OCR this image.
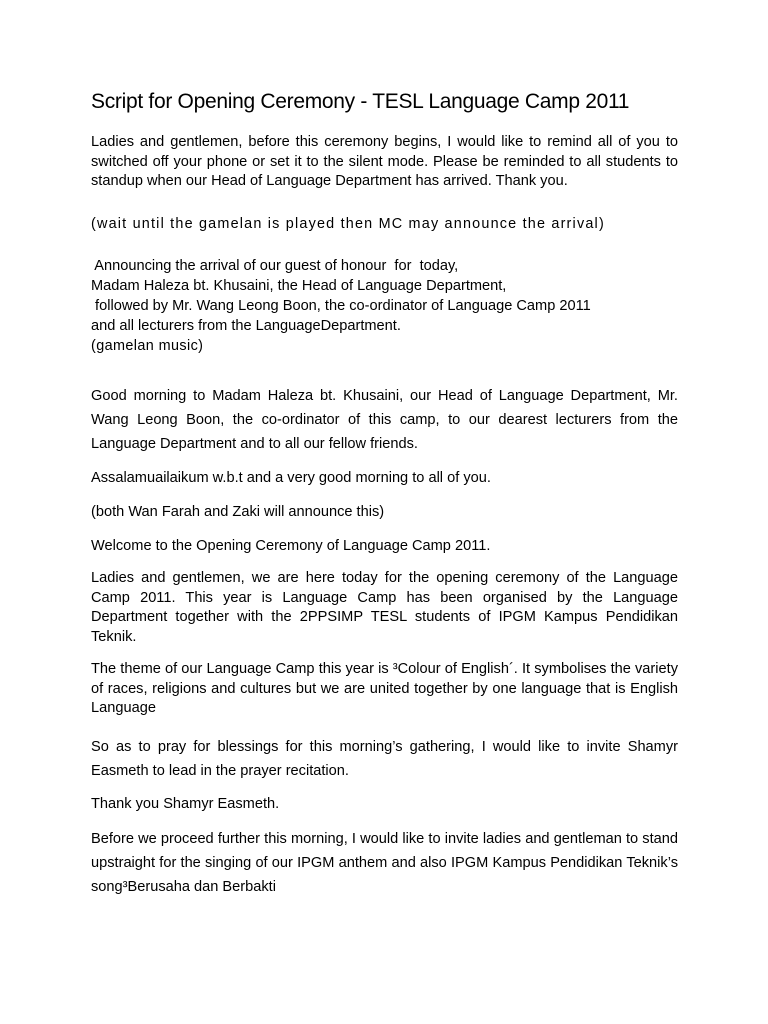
Script for Opening Ceremony - TESL Language Camp 2011

Ladies and gentlemen, before this ceremony begins, I would like to remind all of you to switched off your phone or set it to the silent mode. Please be reminded to all students to standup when our Head of Language Department has arrived. Thank you.

(wait until the gamelan is played then MC may announce the arrival)

Announcing the arrival of our guest of honour  for  today,
Madam Haleza bt. Khusaini, the Head of Language Department,
followed by Mr. Wang Leong Boon, the co-ordinator of Language Camp 2011
and all lecturers from the LanguageDepartment.
(gamelan music)

Good morning to Madam Haleza bt. Khusaini, our Head of Language Department, Mr. Wang Leong Boon, the co-ordinator of this camp, to our dearest lecturers from the Language Department and to all our fellow friends.

Assalamuailaikum w.b.t and a very good morning to all of you.

(both Wan Farah and Zaki will announce this)

Welcome to the Opening Ceremony of Language Camp 2011.

Ladies and gentlemen, we are here today for the opening ceremony of the Language Camp 2011. This year is Language Camp has been organised by the Language Department together with the 2PPSIMP TESL students of IPGM Kampus Pendidikan Teknik.

The theme of our Language Camp this year is ³Colour of English´. It symbolises the variety of races, religions and cultures but we are united together by one language that is English Language

So as to pray for blessings for this morning’s gathering, I would like to invite Shamyr Easmeth to lead in the prayer recitation.

Thank you Shamyr Easmeth.

Before we proceed further this morning, I would like to invite ladies and gentleman to stand upstraight for the singing of our IPGM anthem and also IPGM Kampus Pendidikan Teknik’s song³Berusaha dan Berbakti
